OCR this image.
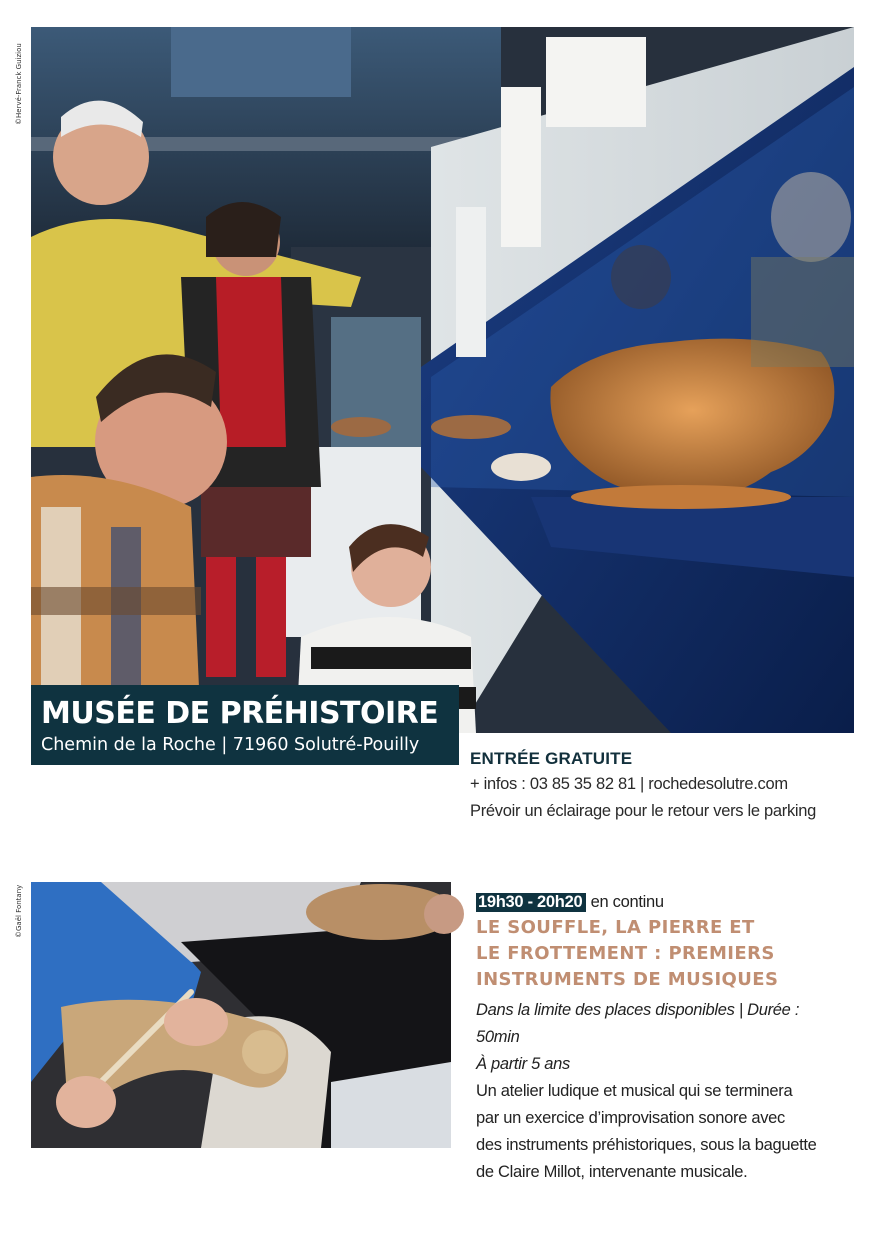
©Hervé-Franck Guiziou
©Gaël Fontany
MUSÉE DE PRÉHISTOIRE
Chemin de la Roche | 71960 Solutré-Pouilly
ENTRÉE GRATUITE
+ infos : 03 85 35 82 81 | rochedesolutre.com
Prévoir un éclairage pour le retour vers le parking
19h30 - 20h20 en continu
LE SOUFFLE, LA PIERRE ET
LE FROTTEMENT : PREMIERS
INSTRUMENTS DE MUSIQUES
Dans la limite des places disponibles | Durée :
50min
À partir 5 ans
Un atelier ludique et musical qui se terminera
par un exercice d’improvisation sonore avec
des instruments préhistoriques, sous la baguette
de Claire Millot, intervenante musicale.
